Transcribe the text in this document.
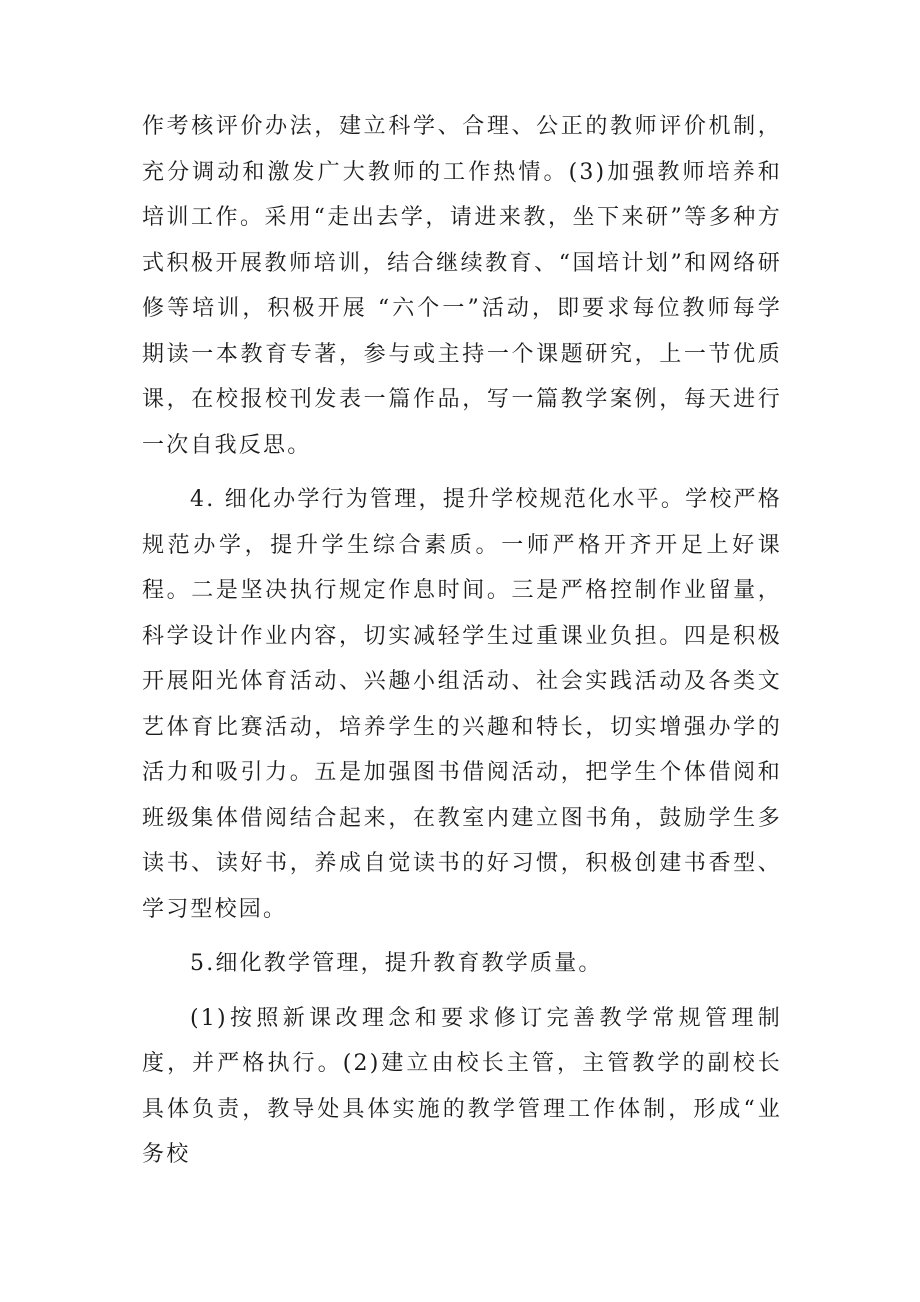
作考核评价办法，建立科学、合理、公正的教师评价机制，充分调动和激发广大教师的工作热情。(3)加强教师培养和培训工作。采用“走出去学，请进来教，坐下来研”等多种方式积极开展教师培训，结合继续教育、“国培计划”和网络研修等培训，积极开展 “六个一”活动，即要求每位教师每学期读一本教育专著，参与或主持一个课题研究，上一节优质课，在校报校刊发表一篇作品，写一篇教学案例，每天进行一次自我反思。

4. 细化办学行为管理，提升学校规范化水平。学校严格规范办学，提升学生综合素质。一师严格开齐开足上好课程。二是坚决执行规定作息时间。三是严格控制作业留量，科学设计作业内容，切实减轻学生过重课业负担。四是积极开展阳光体育活动、兴趣小组活动、社会实践活动及各类文艺体育比赛活动，培养学生的兴趣和特长，切实增强办学的活力和吸引力。五是加强图书借阅活动，把学生个体借阅和班级集体借阅结合起来，在教室内建立图书角，鼓励学生多读书、读好书，养成自觉读书的好习惯，积极创建书香型、学习型校园。

5.细化教学管理，提升教育教学质量。

(1)按照新课改理念和要求修订完善教学常规管理制度，并严格执行。(2)建立由校长主管，主管教学的副校长具体负责，教导处具体实施的教学管理工作体制，形成“业务校
